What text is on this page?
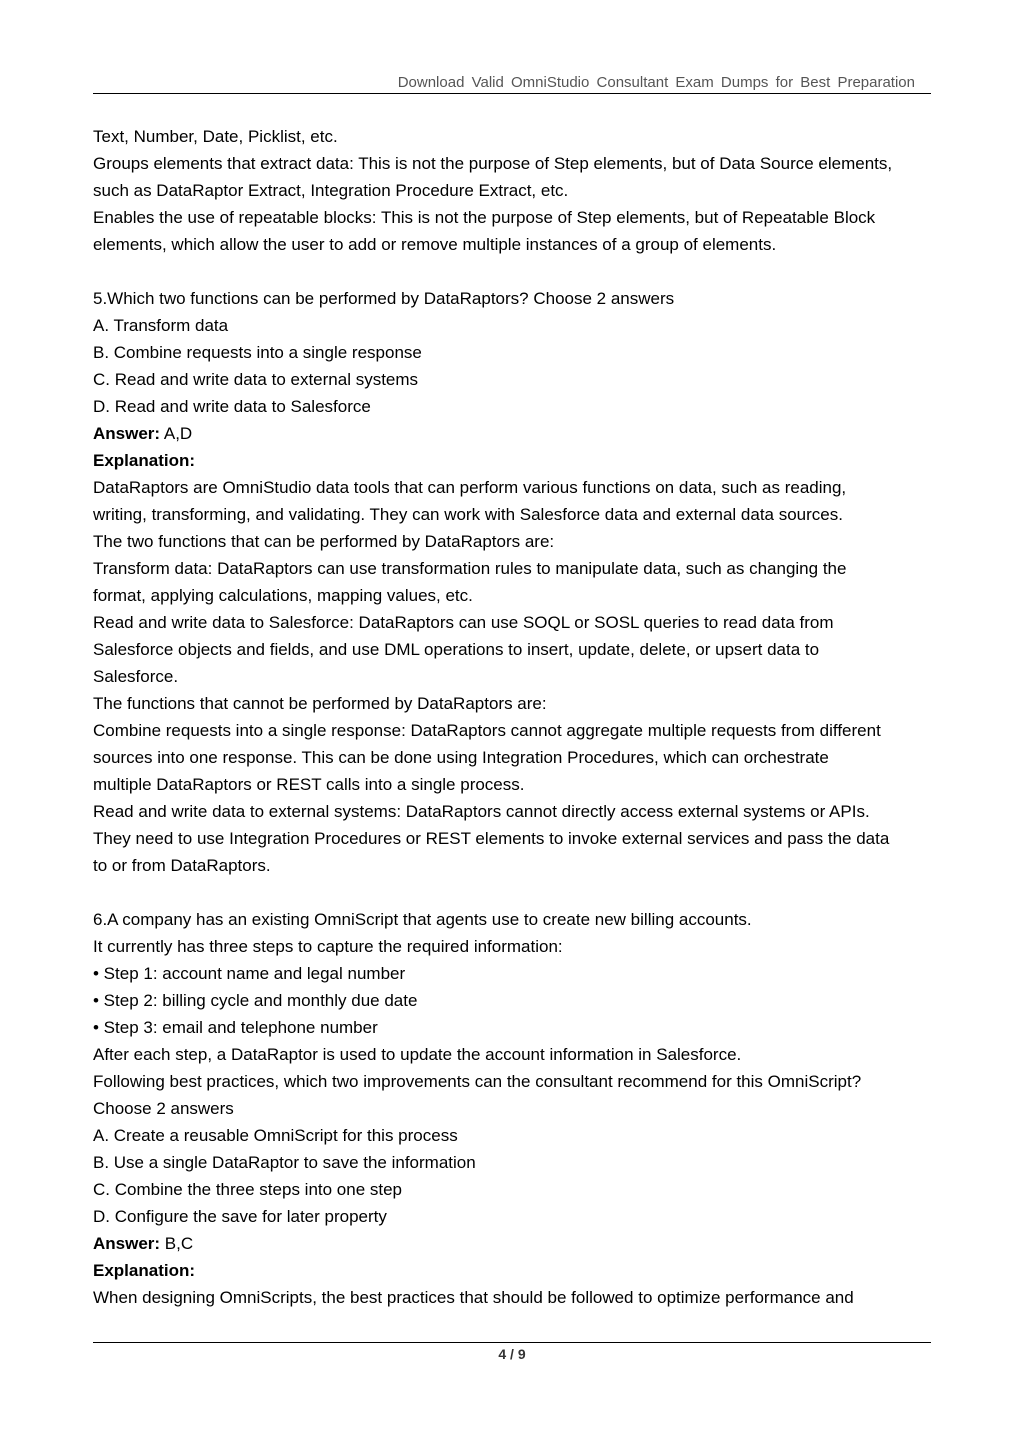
Download Valid OmniStudio Consultant Exam Dumps for Best Preparation
Text, Number, Date, Picklist, etc.
Groups elements that extract data: This is not the purpose of Step elements, but of Data Source elements,
such as DataRaptor Extract, Integration Procedure Extract, etc.
Enables the use of repeatable blocks: This is not the purpose of Step elements, but of Repeatable Block
elements, which allow the user to add or remove multiple instances of a group of elements.
5.Which two functions can be performed by DataRaptors? Choose 2 answers
A. Transform data
B. Combine requests into a single response
C. Read and write data to external systems
D. Read and write data to Salesforce
Answer: A,D
Explanation:
DataRaptors are OmniStudio data tools that can perform various functions on data, such as reading,
writing, transforming, and validating. They can work with Salesforce data and external data sources.
The two functions that can be performed by DataRaptors are:
Transform data: DataRaptors can use transformation rules to manipulate data, such as changing the
format, applying calculations, mapping values, etc.
Read and write data to Salesforce: DataRaptors can use SOQL or SOSL queries to read data from
Salesforce objects and fields, and use DML operations to insert, update, delete, or upsert data to
Salesforce.
The functions that cannot be performed by DataRaptors are:
Combine requests into a single response: DataRaptors cannot aggregate multiple requests from different
sources into one response. This can be done using Integration Procedures, which can orchestrate
multiple DataRaptors or REST calls into a single process.
Read and write data to external systems: DataRaptors cannot directly access external systems or APIs.
They need to use Integration Procedures or REST elements to invoke external services and pass the data
to or from DataRaptors.
6.A company has an existing OmniScript that agents use to create new billing accounts.
It currently has three steps to capture the required information:
• Step 1: account name and legal number
• Step 2: billing cycle and monthly due date
• Step 3: email and telephone number
After each step, a DataRaptor is used to update the account information in Salesforce.
Following best practices, which two improvements can the consultant recommend for this OmniScript?
Choose 2 answers
A. Create a reusable OmniScript for this process
B. Use a single DataRaptor to save the information
C. Combine the three steps into one step
D. Configure the save for later property
Answer: B,C
Explanation:
When designing OmniScripts, the best practices that should be followed to optimize performance and
4 / 9
